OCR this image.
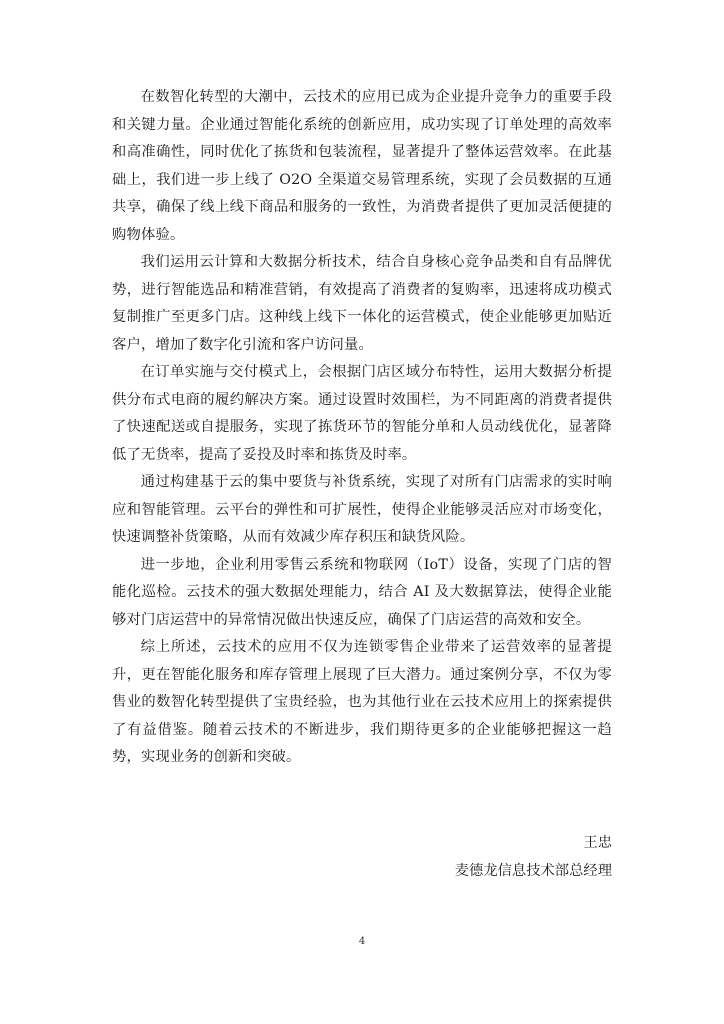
在数智化转型的大潮中，云技术的应用已成为企业提升竞争力的重要手段和关键力量。企业通过智能化系统的创新应用，成功实现了订单处理的高效率和高准确性，同时优化了拣货和包装流程，显著提升了整体运营效率。在此基础上，我们进一步上线了 O2O 全渠道交易管理系统，实现了会员数据的互通共享，确保了线上线下商品和服务的一致性，为消费者提供了更加灵活便捷的购物体验。

我们运用云计算和大数据分析技术，结合自身核心竞争品类和自有品牌优势，进行智能选品和精准营销，有效提高了消费者的复购率，迅速将成功模式复制推广至更多门店。这种线上线下一体化的运营模式，使企业能够更加贴近客户，增加了数字化引流和客户访问量。

在订单实施与交付模式上，会根据门店区域分布特性，运用大数据分析提供分布式电商的履约解决方案。通过设置时效围栏，为不同距离的消费者提供了快速配送或自提服务，实现了拣货环节的智能分单和人员动线优化，显著降低了无货率，提高了妥投及时率和拣货及时率。

通过构建基于云的集中要货与补货系统，实现了对所有门店需求的实时响应和智能管理。云平台的弹性和可扩展性，使得企业能够灵活应对市场变化，快速调整补货策略，从而有效减少库存积压和缺货风险。

进一步地，企业利用零售云系统和物联网（IoT）设备，实现了门店的智能化巡检。云技术的强大数据处理能力，结合 AI 及大数据算法，使得企业能够对门店运营中的异常情况做出快速反应，确保了门店运营的高效和安全。

综上所述，云技术的应用不仅为连锁零售企业带来了运营效率的显著提升，更在智能化服务和库存管理上展现了巨大潜力。通过案例分享，不仅为零售业的数智化转型提供了宝贵经验，也为其他行业在云技术应用上的探索提供了有益借鉴。随着云技术的不断进步，我们期待更多的企业能够把握这一趋势，实现业务的创新和突破。

王忠
麦德龙信息技术部总经理
4
